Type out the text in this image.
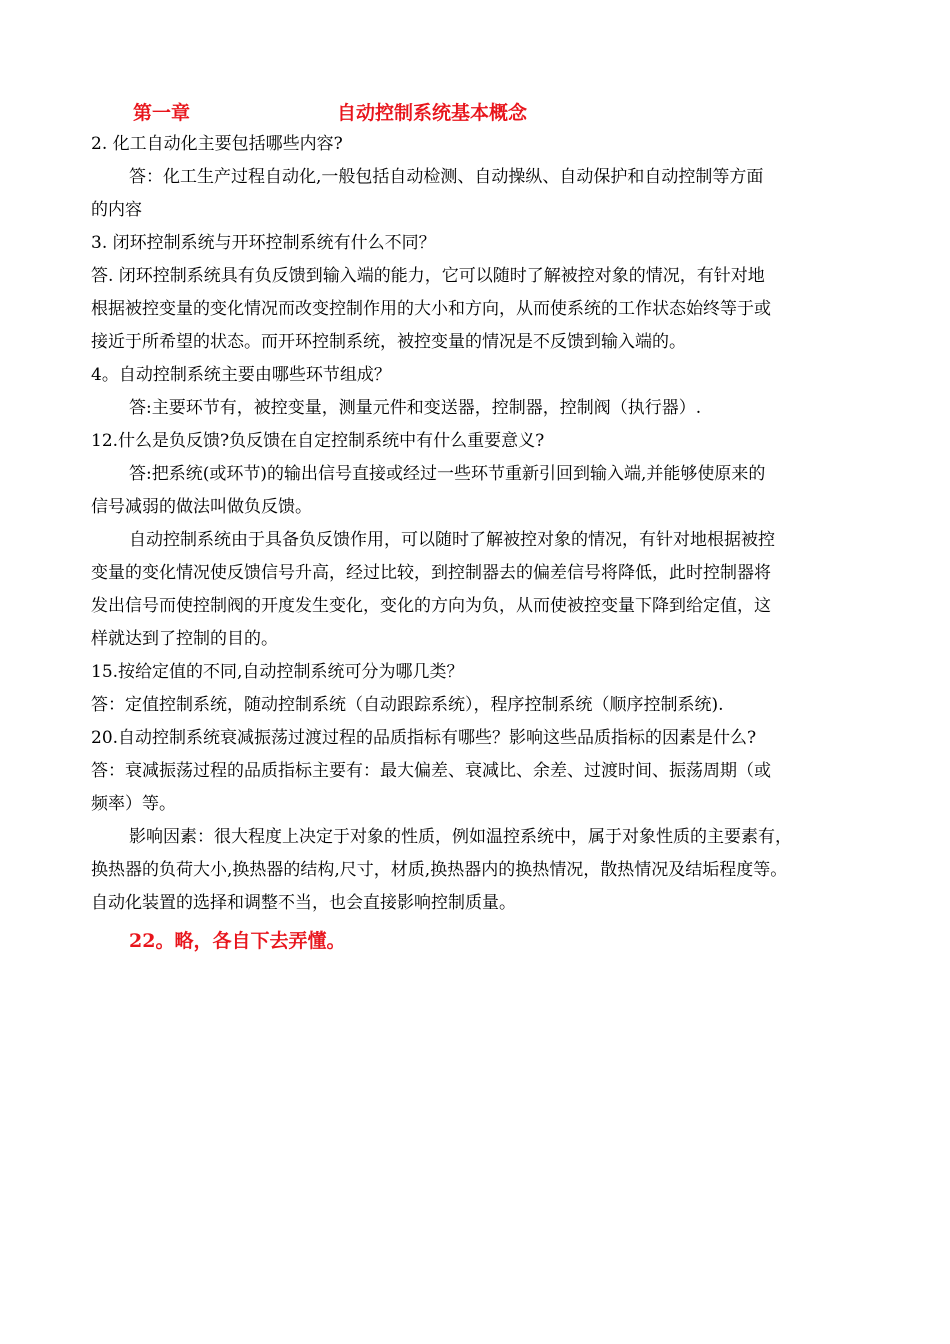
第一章	自动控制系统基本概念

2. 化工自动化主要包括哪些内容?

答：化工生产过程自动化,一般包括自动检测、自动操纵、自动保护和自动控制等方面

的内容

3. 闭环控制系统与开环控制系统有什么不同？

答. 闭环控制系统具有负反馈到输入端的能力，它可以随时了解被控对象的情况，有针对地

根据被控变量的变化情况而改变控制作用的大小和方向，从而使系统的工作状态始终等于或

接近于所希望的状态。而开环控制系统，被控变量的情况是不反馈到输入端的。

4。自动控制系统主要由哪些环节组成？

答:主要环节有，被控变量，测量元件和变送器，控制器，控制阀（执行器）.

12.什么是负反馈?负反馈在自定控制系统中有什么重要意义?

答:把系统(或环节)的输出信号直接或经过一些环节重新引回到输入端,并能够使原来的

信号减弱的做法叫做负反馈。

自动控制系统由于具备负反馈作用，可以随时了解被控对象的情况，有针对地根据被控

变量的变化情况使反馈信号升高，经过比较，到控制器去的偏差信号将降低，此时控制器将

发出信号而使控制阀的开度发生变化，变化的方向为负，从而使被控变量下降到给定值，这

样就达到了控制的目的。

15.按给定值的不同,自动控制系统可分为哪几类？

答：定值控制系统，随动控制系统（自动跟踪系统），程序控制系统（顺序控制系统).

20.自动控制系统衰减振荡过渡过程的品质指标有哪些？影响这些品质指标的因素是什么?

答：衰减振荡过程的品质指标主要有：最大偏差、衰减比、余差、过渡时间、振荡周期（或

频率）等。

影响因素：很大程度上决定于对象的性质，例如温控系统中，属于对象性质的主要素有，

换热器的负荷大小,换热器的结构,尺寸，材质,换热器内的换热情况，散热情况及结垢程度等。

自动化装置的选择和调整不当，也会直接影响控制质量。

22。略，各自下去弄懂。
